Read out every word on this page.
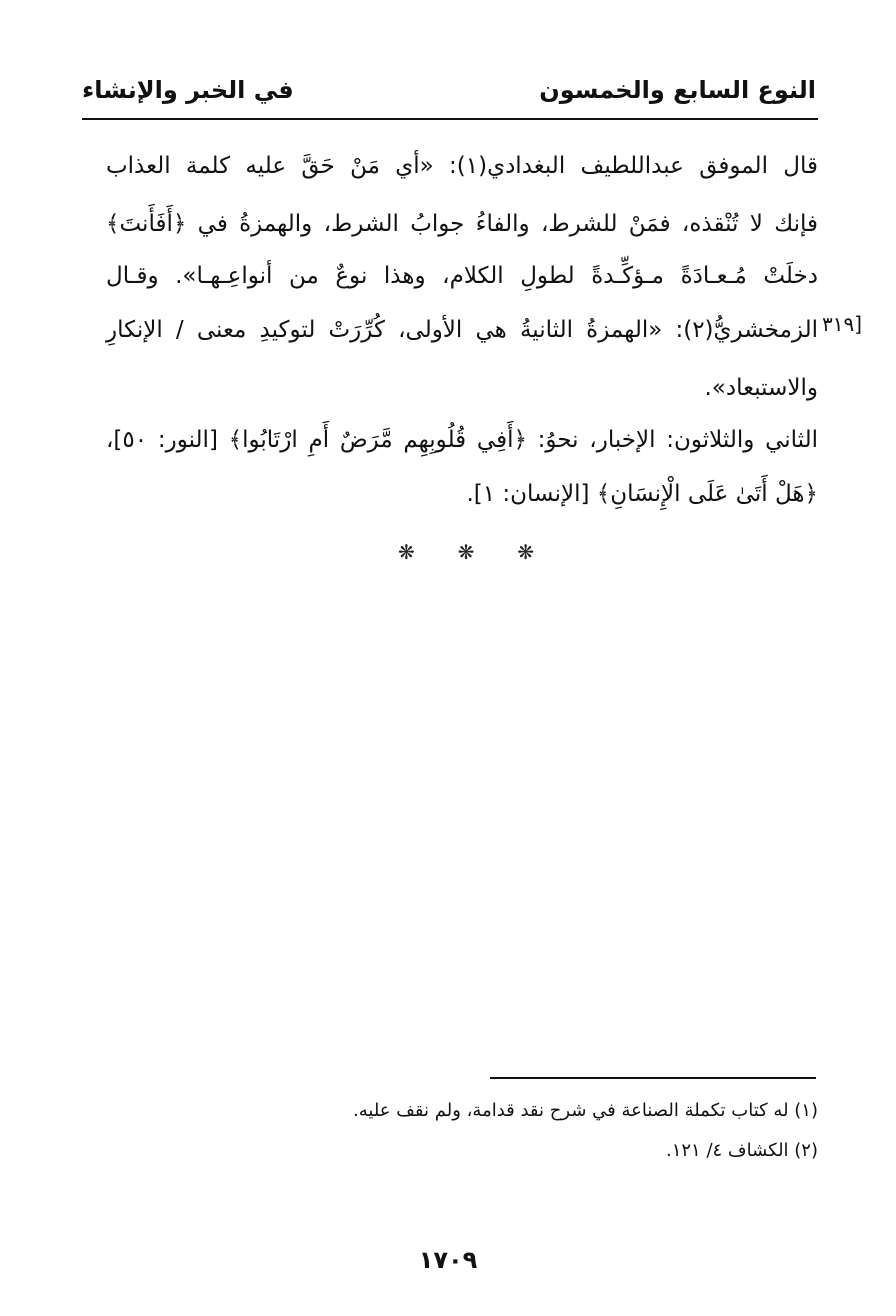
النوع السابع والخمسون
في الخبر والإنشاء
قال الموفق عبداللطيف البغدادي(١): «أي مَنْ حَقَّ عليه كلمة العذاب
فإنك لا تُنْقذه، فمَنْ للشرط، والفاءُ جوابُ الشرط، والهمزةُ في ﴿أَفَأَنتَ﴾
دخلَتْ مُـعـادَةً مـؤكِّـدةً لطولِ الكلام، وهذا نوعٌ من أنواعِـهـا». وقـال
الزمخشريُّ(٢): «الهمزةُ الثانيةُ هي الأولى، كُرِّرَتْ لتوكيدِ معنى / الإنكارِ
والاستبعاد».
الثاني والثلاثون: الإخبار، نحوُ: ﴿أَفِي قُلُوبِهِم مَّرَضٌ أَمِ ارْتَابُوا﴾ [النور: ٥٠]،
﴿هَلْ أَتَىٰ عَلَى الْإِنسَانِ﴾ [الإنسان: ١].
[٣١٩
❋ ❋ ❋
(١) له كتاب تكملة الصناعة في شرح نقد قدامة، ولم نقف عليه.
(٢) الكشاف ٤/ ١٢١.
١٧٠٩
